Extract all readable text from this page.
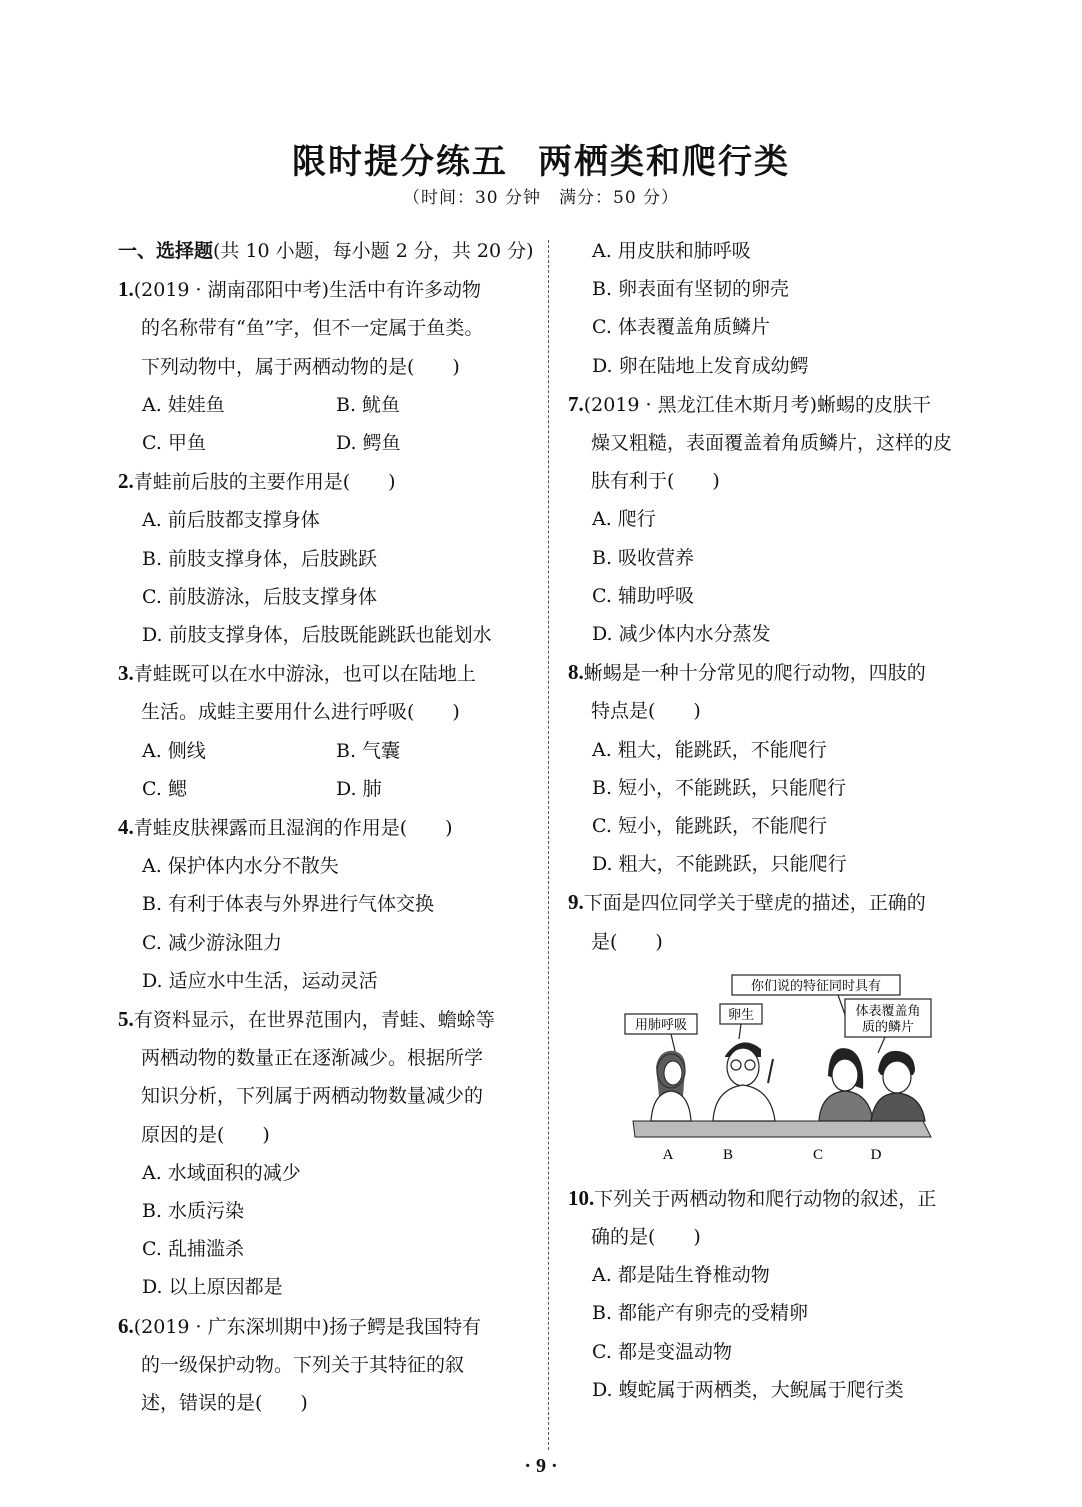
限时提分练五 两栖类和爬行类
（时间：30 分钟 满分：50 分）
一、选择题(共 10 小题，每小题 2 分，共 20 分)
1.(2019 · 湖南邵阳中考)生活中有许多动物
的名称带有“鱼”字，但不一定属于鱼类。
下列动物中，属于两栖动物的是(　　)
A. 娃娃鱼	B. 鱿鱼
C. 甲鱼	D. 鳄鱼
2.青蛙前后肢的主要作用是(　　)
A. 前后肢都支撑身体
B. 前肢支撑身体，后肢跳跃
C. 前肢游泳，后肢支撑身体
D. 前肢支撑身体，后肢既能跳跃也能划水
3.青蛙既可以在水中游泳，也可以在陆地上
生活。成蛙主要用什么进行呼吸(　　)
A. 侧线	B. 气囊
C. 鳃	D. 肺
4.青蛙皮肤裸露而且湿润的作用是(　　)
A. 保护体内水分不散失
B. 有利于体表与外界进行气体交换
C. 减少游泳阻力
D. 适应水中生活，运动灵活
5.有资料显示，在世界范围内，青蛙、蟾蜍等
两栖动物的数量正在逐渐减少。根据所学
知识分析，下列属于两栖动物数量减少的
原因的是(　　)
A. 水域面积的减少
B. 水质污染
C. 乱捕滥杀
D. 以上原因都是
6.(2019 · 广东深圳期中)扬子鳄是我国特有
的一级保护动物。下列关于其特征的叙
述，错误的是(　　)
A. 用皮肤和肺呼吸
B. 卵表面有坚韧的卵壳
C. 体表覆盖角质鳞片
D. 卵在陆地上发育成幼鳄
7.(2019 · 黑龙江佳木斯月考)蜥蜴的皮肤干
燥又粗糙，表面覆盖着角质鳞片，这样的皮
肤有利于(　　)
A. 爬行
B. 吸收营养
C. 辅助呼吸
D. 减少体内水分蒸发
8.蜥蜴是一种十分常见的爬行动物，四肢的
特点是(　　)
A. 粗大，能跳跃，不能爬行
B. 短小，不能跳跃，只能爬行
C. 短小，能跳跃，不能爬行
D. 粗大，不能跳跃，只能爬行
9.下面是四位同学关于壁虎的描述，正确的
是(　　)
你们说的特征同时具有
用肺呼吸
卵生	体表覆盖角
质的鳞片
A	B	C	D
10.下列关于两栖动物和爬行动物的叙述，正
确的是(　　)
A. 都是陆生脊椎动物
B. 都能产有卵壳的受精卵
C. 都是变温动物
D. 蝮蛇属于两栖类，大鲵属于爬行类
· 9 ·
